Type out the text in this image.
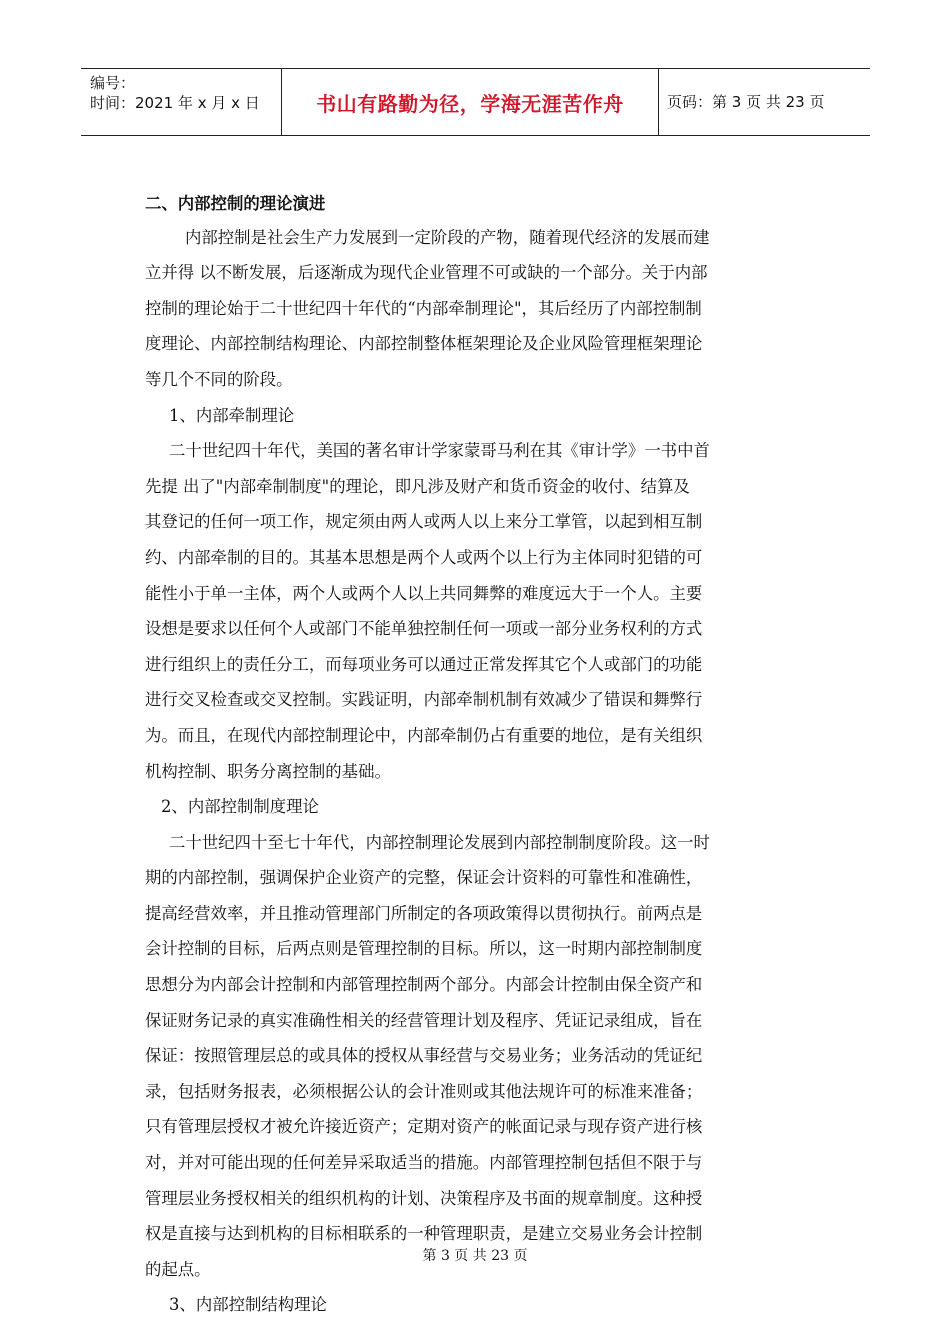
编号：
时间：2021 年 x 月 x 日	书山有路勤为径，学海无涯苦作舟	页码：第 3 页 共 23 页
二、内部控制的理论演进
内部控制是社会生产力发展到一定阶段的产物，随着现代经济的发展而建
立并得 以不断发展，后逐渐成为现代企业管理不可或缺的一个部分。关于内部
控制的理论始于二十世纪四十年代的“内部牵制理论"，其后经历了内部控制制
度理论、内部控制结构理论、内部控制整体框架理论及企业风险管理框架理论
等几个不同的阶段。
1、内部牵制理论
二十世纪四十年代，美国的著名审计学家蒙哥马利在其《审计学》一书中首
先提 出了"内部牵制制度"的理论，即凡涉及财产和货币资金的收付、结算及
其登记的任何一项工作，规定须由两人或两人以上来分工掌管，以起到相互制
约、内部牵制的目的。其基本思想是两个人或两个以上行为主体同时犯错的可
能性小于单一主体，两个人或两个人以上共同舞弊的难度远大于一个人。主要
设想是要求以任何个人或部门不能单独控制任何一项或一部分业务权利的方式
进行组织上的责任分工，而每项业务可以通过正常发挥其它个人或部门的功能
进行交叉检查或交叉控制。实践证明，内部牵制机制有效减少了错误和舞弊行
为。而且，在现代内部控制理论中，内部牵制仍占有重要的地位，是有关组织
机构控制、职务分离控制的基础。
2、内部控制制度理论
二十世纪四十至七十年代，内部控制理论发展到内部控制制度阶段。这一时
期的内部控制，强调保护企业资产的完整，保证会计资料的可靠性和准确性，
提高经营效率，并且推动管理部门所制定的各项政策得以贯彻执行。前两点是
会计控制的目标，后两点则是管理控制的目标。所以，这一时期内部控制制度
思想分为内部会计控制和内部管理控制两个部分。内部会计控制由保全资产和
保证财务记录的真实准确性相关的经营管理计划及程序、凭证记录组成，旨在
保证：按照管理层总的或具体的授权从事经营与交易业务；业务活动的凭证纪
录，包括财务报表，必须根据公认的会计准则或其他法规许可的标准来准备；
只有管理层授权才被允许接近资产；定期对资产的帐面记录与现存资产进行核
对，并对可能出现的任何差异采取适当的措施。内部管理控制包括但不限于与
管理层业务授权相关的组织机构的计划、决策程序及书面的规章制度。这种授
权是直接与达到机构的目标相联系的一种管理职责，是建立交易业务会计控制
的起点。
3、内部控制结构理论
第 3 页 共 23 页
